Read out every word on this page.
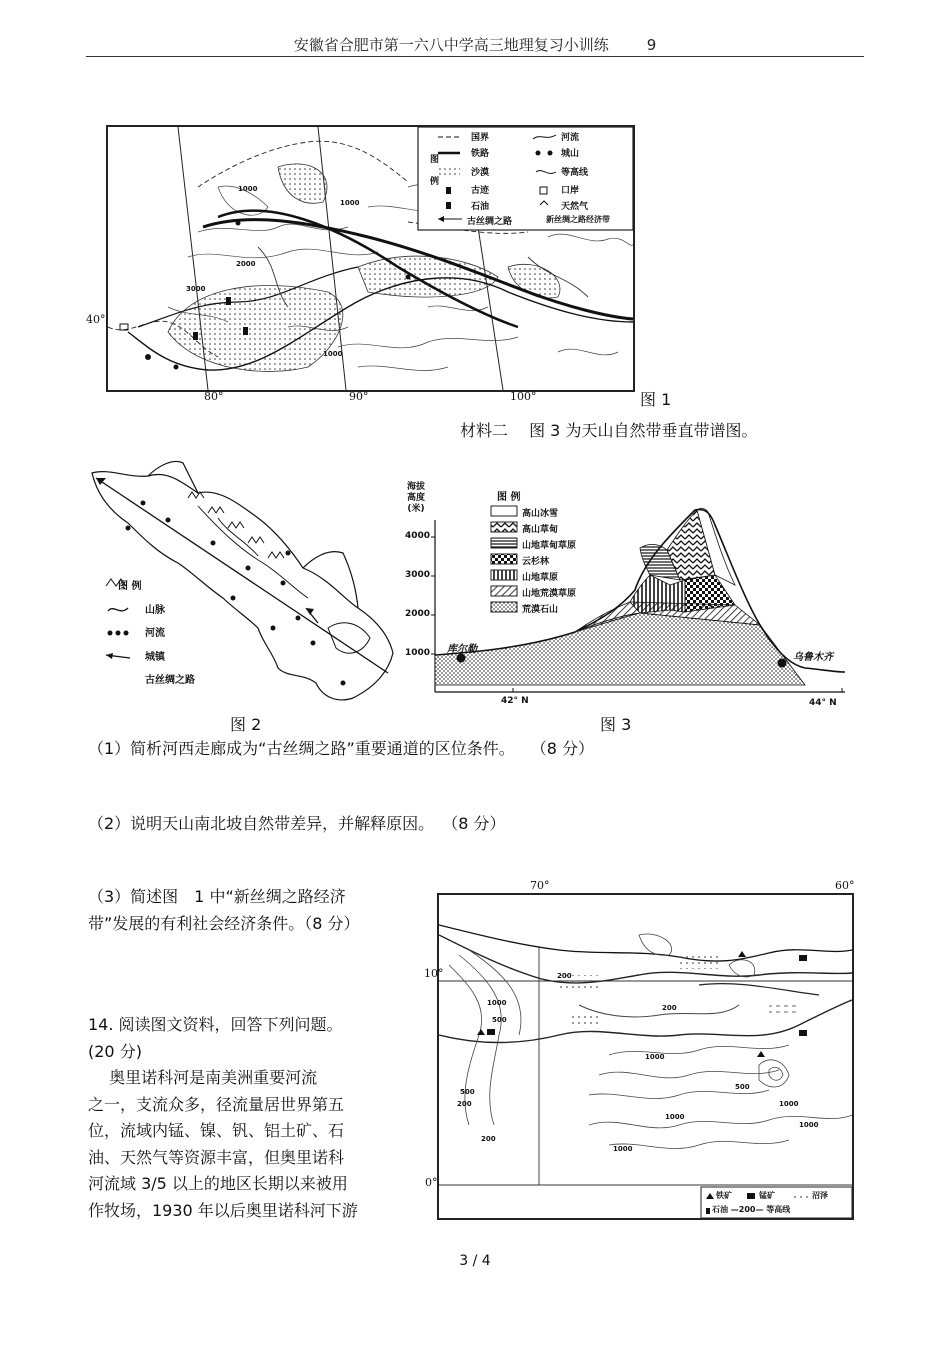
安徽省合肥市第一六八中学高三地理复习小训练	9
图
例
国界	河流
铁路	城山
沙漠	等高线
古迹	口岸
石油	天然气
古丝绸之路	新丝绸之路经济带
1000
2000
3000
1000
1000
40°
80°	90°	100°	图 1
材料二　 图 3 为天山自然带垂直带谱图。
图 例
山脉
河流
城镇
古丝绸之路
图 2
海拔
高度
(米)
4000
3000
2000
1000
42° N	44° N
图 例
高山冰雪
高山草甸
山地草甸草原
云杉林
山地草原
山地荒漠草原
荒漠石山
库尔勒
乌鲁木齐
图 3
（1）简析河西走廊成为“古丝绸之路”重要通道的区位条件。 （8 分）
（2）说明天山南北坡自然带差异，并解释原因。 （8 分）
（3）简述图　1 中“新丝绸之路经济
带”发展的有利社会经济条件。（8 分）
14. 阅读图文资料，回答下列问题。
(20 分)
　 奥里诺科河是南美洲重要河流
之一，支流众多，径流量居世界第五
位，流域内锰、镍、钒、铝土矿、石
油、天然气等资源丰富，但奥里诺科
河流域 3/5 以上的地区长期以来被用
作牧场，1930 年以后奥里诺科河下游
铁矿	锰矿	沼泽
石油 —200— 等高线
200
200
1000
500
1000
500
1000
200
500
200
1000
1000
1000
70°	60°
10°
0°
3 / 4
